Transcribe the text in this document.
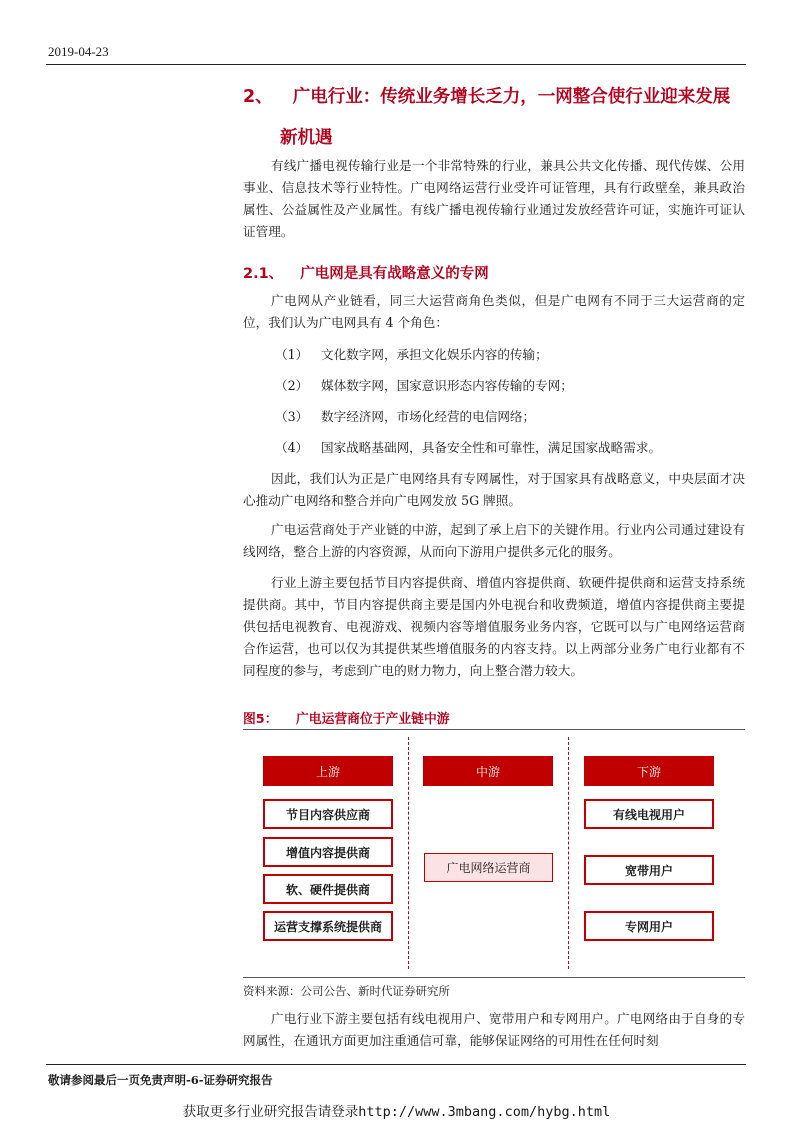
2019-04-23
2、 广电行业：传统业务增长乏力，一网整合使行业迎来发展
新机遇

有线广播电视传输行业是一个非常特殊的行业，兼具公共文化传播、现代传媒、公用事业、信息技术等行业特性。广电网络运营行业受许可证管理，具有行政壁垒，兼具政治属性、公益属性及产业属性。有线广播电视传输行业通过发放经营许可证，实施许可证认证管理。

2.1、 广电网是具有战略意义的专网

广电网从产业链看，同三大运营商角色类似，但是广电网有不同于三大运营商的定位，我们认为广电网具有 4 个角色：

（1） 文化数字网，承担文化娱乐内容的传输；
（2） 媒体数字网，国家意识形态内容传输的专网；
（3） 数字经济网，市场化经营的电信网络；
（4） 国家战略基础网，具备安全性和可靠性，满足国家战略需求。

因此，我们认为正是广电网络具有专网属性，对于国家具有战略意义，中央层面才决心推动广电网络和整合并向广电网发放 5G 牌照。

广电运营商处于产业链的中游，起到了承上启下的关键作用。行业内公司通过建设有线网络，整合上游的内容资源，从而向下游用户提供多元化的服务。

行业上游主要包括节目内容提供商、增值内容提供商、软硬件提供商和运营支持系统提供商。其中，节目内容提供商主要是国内外电视台和收费频道，增值内容提供商主要提供包括电视教育、电视游戏、视频内容等增值服务业务内容，它既可以与广电网络运营商合作运营，也可以仅为其提供某些增值服务的内容支持。以上两部分业务广电行业都有不同程度的参与，考虑到广电的财力物力，向上整合潜力较大。

图5： 广电运营商位于产业链中游
上游	中游	下游
节目内容供应商
增值内容提供商
软、硬件提供商
运营支撑系统提供商
广电网络运营商
有线电视用户
宽带用户
专网用户
资料来源：公司公告、新时代证券研究所

广电行业下游主要包括有线电视用户、宽带用户和专网用户。广电网络由于自身的专网属性，在通讯方面更加注重通信可靠，能够保证网络的可用性在任何时刻

敬请参阅最后一页免责声明-6-证券研究报告
获取更多行业研究报告请登录http://www.3mbang.com/hybg.html
